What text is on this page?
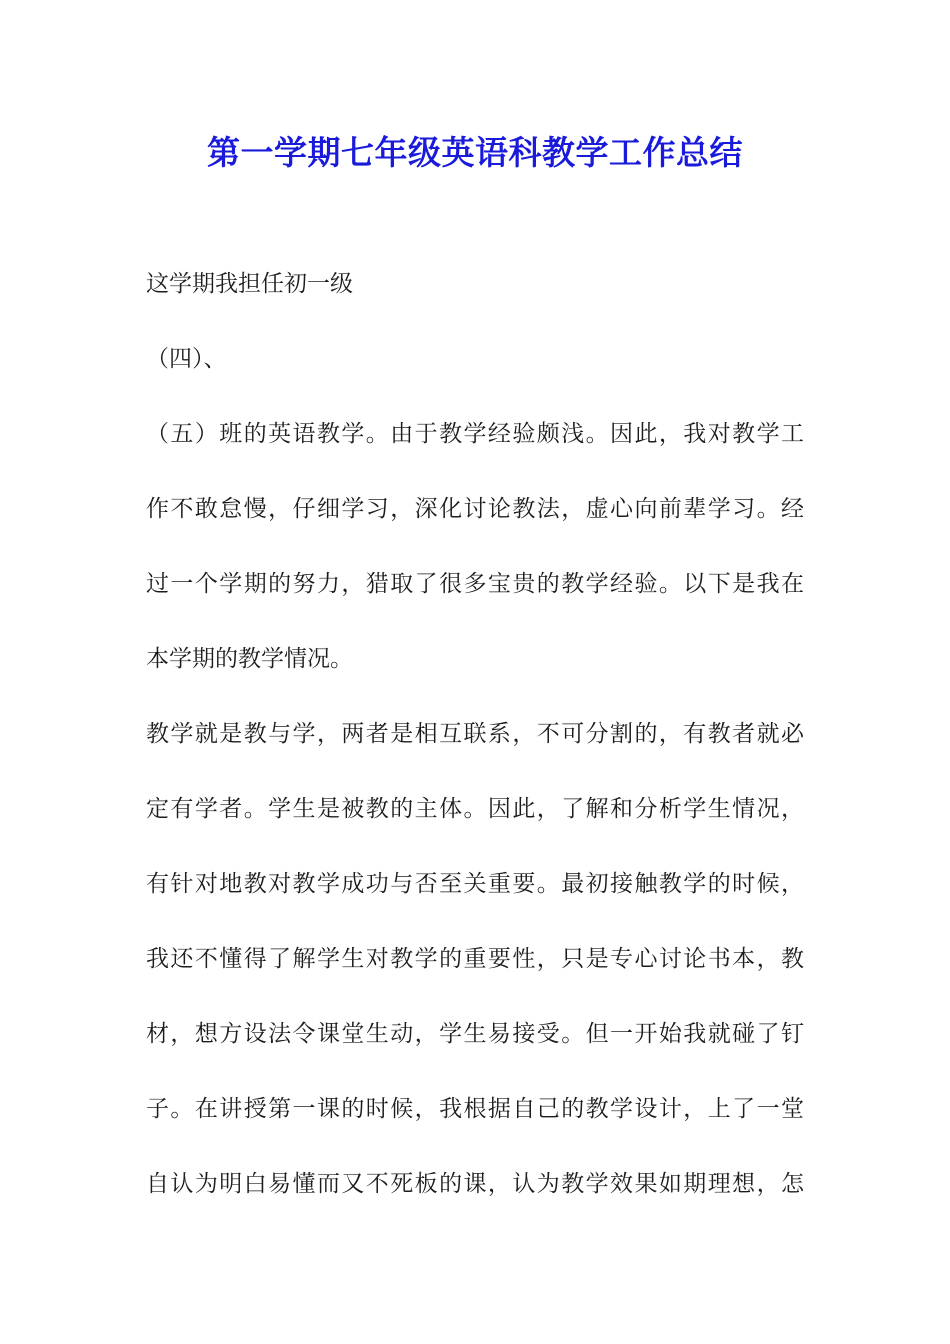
第一学期七年级英语科教学工作总结
这学期我担任初一级
（四）、
（五）班的英语教学。由于教学经验颇浅。因此，我对教学工
作不敢怠慢，仔细学习，深化讨论教法，虚心向前辈学习。经
过一个学期的努力，猎取了很多宝贵的教学经验。以下是我在
本学期的教学情况。
教学就是教与学，两者是相互联系，不可分割的，有教者就必
定有学者。学生是被教的主体。因此，了解和分析学生情况，
有针对地教对教学成功与否至关重要。最初接触教学的时候，
我还不懂得了解学生对教学的重要性，只是专心讨论书本，教
材，想方设法令课堂生动，学生易接受。但一开始我就碰了钉
子。在讲授第一课的时候，我根据自己的教学设计，上了一堂
自认为明白易懂而又不死板的课，认为教学效果如期理想，怎
